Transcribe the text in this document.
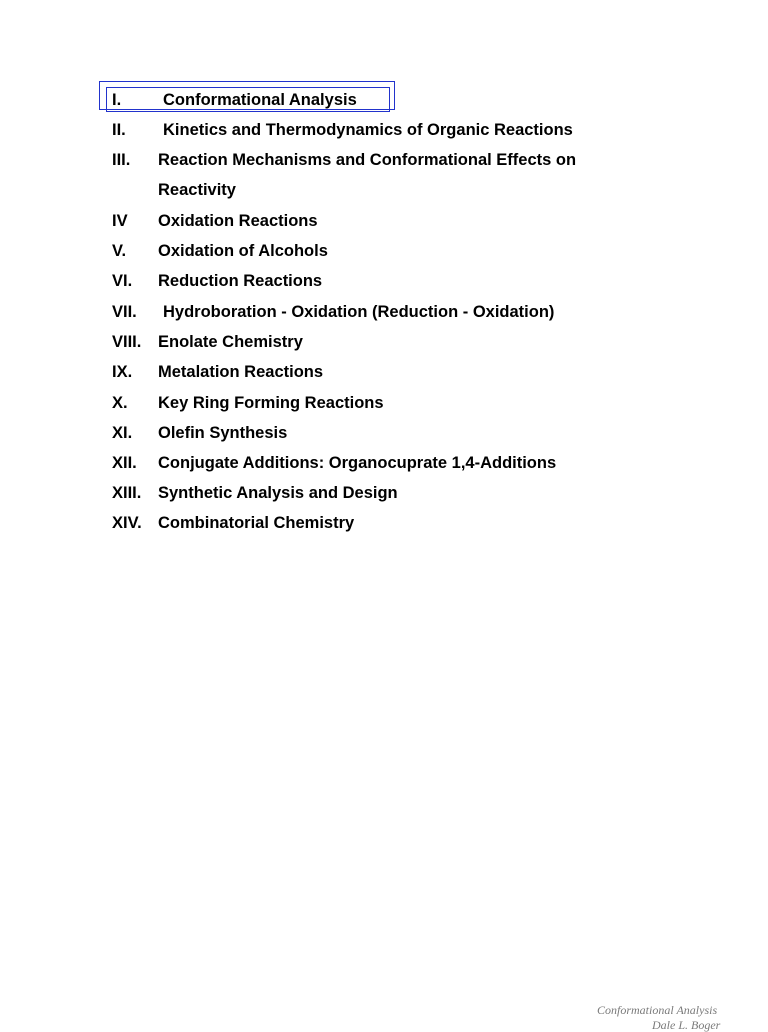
I.	Conformational Analysis
II. Kinetics and Thermodynamics of Organic Reactions
III. Reaction Mechanisms and Conformational Effects on
Reactivity
IV Oxidation Reactions
V. Oxidation of Alcohols
VI. Reduction Reactions
VII. Hydroboration - Oxidation (Reduction - Oxidation)
VIII. Enolate Chemistry
IX. Metalation Reactions
X. Key Ring Forming Reactions
XI. Olefin Synthesis
XII. Conjugate Additions: Organocuprate 1,4-Additions
XIII. Synthetic Analysis and Design
XIV. Combinatorial Chemistry
Conformational Analysis
Dale L. Boger
